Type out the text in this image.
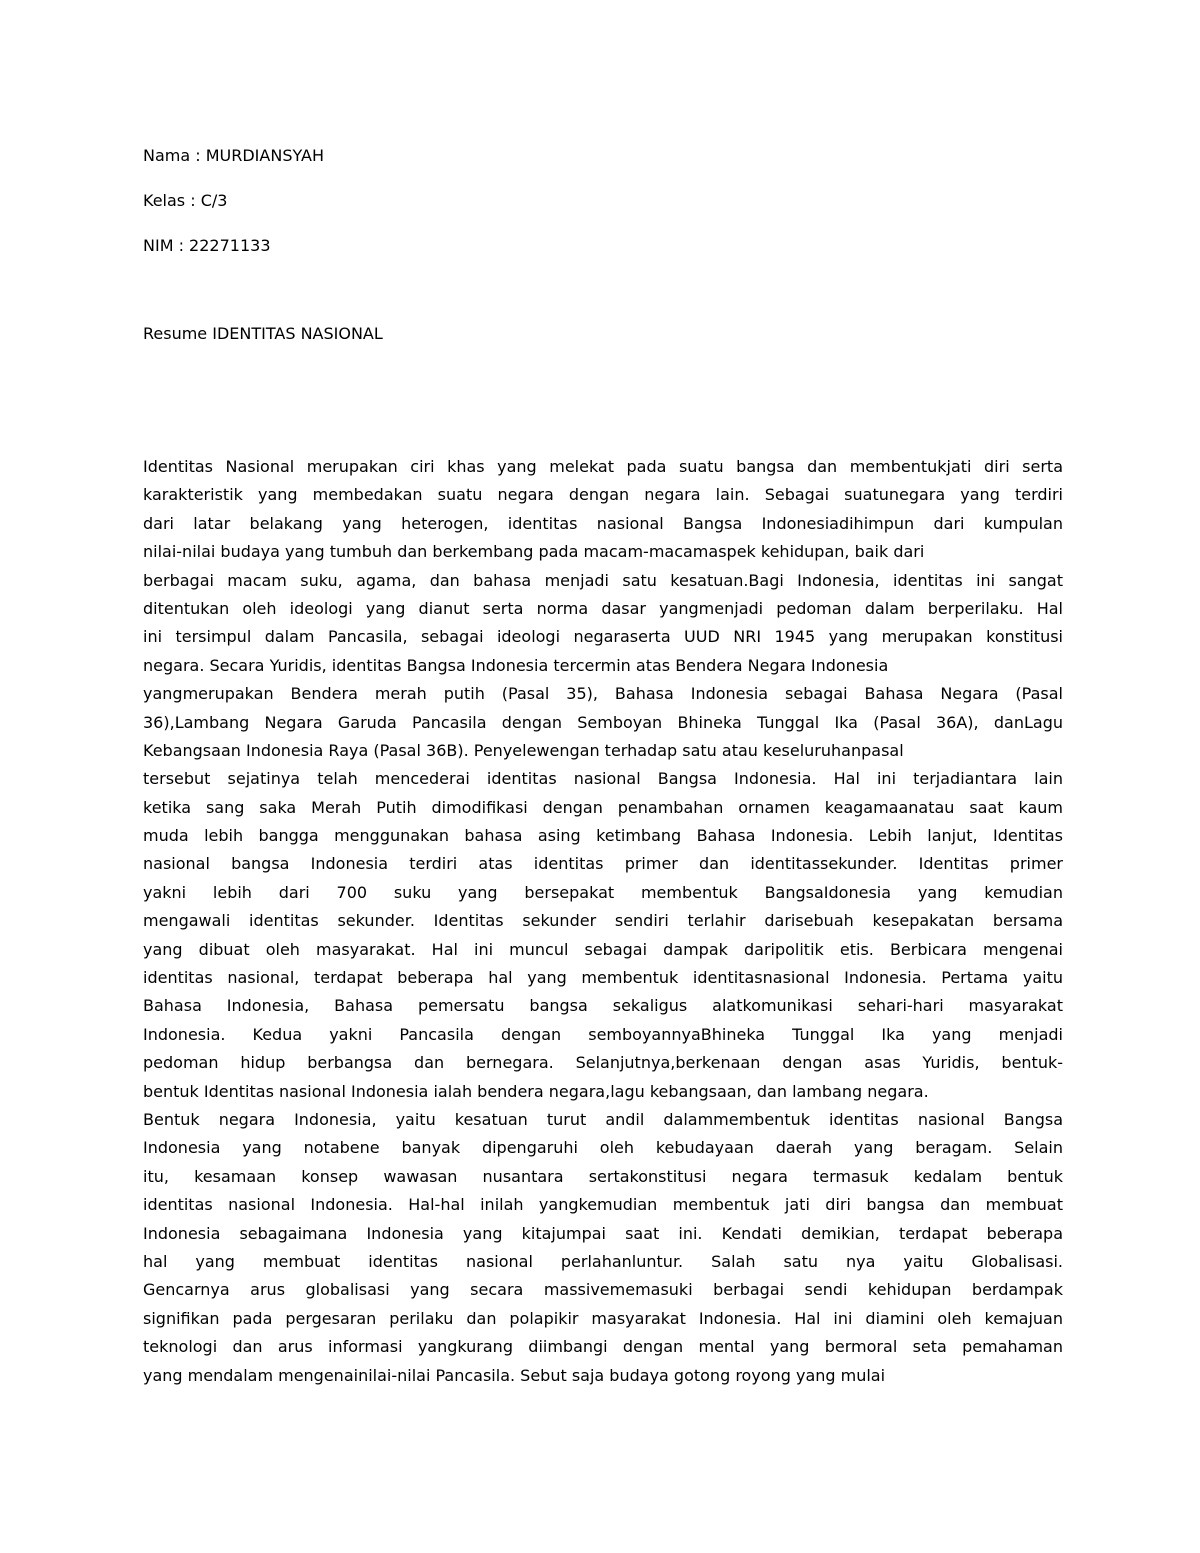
Nama : MURDIANSYAH

Kelas : C/3

NIM : 22271133

Resume IDENTITAS NASIONAL

Identitas Nasional merupakan ciri khas yang melekat pada suatu bangsa dan membentukjati diri serta
karakteristik yang membedakan suatu negara dengan negara lain. Sebagai suatunegara yang terdiri
dari latar belakang yang heterogen, identitas nasional Bangsa Indonesiadihimpun dari kumpulan
nilai-nilai budaya yang tumbuh dan berkembang pada macam-macamaspek kehidupan, baik dari
berbagai macam suku, agama, dan bahasa menjadi satu kesatuan.Bagi Indonesia, identitas ini sangat
ditentukan oleh ideologi yang dianut serta norma dasar yangmenjadi pedoman dalam berperilaku. Hal
ini tersimpul dalam Pancasila, sebagai ideologi negaraserta UUD NRI 1945 yang merupakan konstitusi
negara. Secara Yuridis, identitas Bangsa Indonesia tercermin atas Bendera Negara Indonesia
yangmerupakan Bendera merah putih (Pasal 35), Bahasa Indonesia sebagai Bahasa Negara (Pasal
36),Lambang Negara Garuda Pancasila dengan Semboyan Bhineka Tunggal Ika (Pasal 36A), danLagu
Kebangsaan Indonesia Raya (Pasal 36B). Penyelewengan terhadap satu atau keseluruhanpasal
tersebut sejatinya telah mencederai identitas nasional Bangsa Indonesia. Hal ini terjadiantara lain
ketika sang saka Merah Putih dimodifikasi dengan penambahan ornamen keagamaanatau saat kaum
muda lebih bangga menggunakan bahasa asing ketimbang Bahasa Indonesia. Lebih lanjut, Identitas
nasional bangsa Indonesia terdiri atas identitas primer dan identitassekunder. Identitas primer
yakni lebih dari 700 suku yang bersepakat membentuk BangsaIdonesia yang kemudian
mengawali identitas sekunder. Identitas sekunder sendiri terlahir darisebuah kesepakatan bersama
yang dibuat oleh masyarakat. Hal ini muncul sebagai dampak daripolitik etis. Berbicara mengenai
identitas nasional, terdapat beberapa hal yang membentuk identitasnasional Indonesia. Pertama yaitu
Bahasa Indonesia, Bahasa pemersatu bangsa sekaligus alatkomunikasi sehari-hari masyarakat
Indonesia. Kedua yakni Pancasila dengan semboyannyaBhineka Tunggal Ika yang menjadi
pedoman hidup berbangsa dan bernegara. Selanjutnya,berkenaan dengan asas Yuridis, bentuk-
bentuk Identitas nasional Indonesia ialah bendera negara,lagu kebangsaan, dan lambang negara.
Bentuk negara Indonesia, yaitu kesatuan turut andil dalammembentuk identitas nasional Bangsa
Indonesia yang notabene banyak dipengaruhi oleh kebudayaan daerah yang beragam. Selain
itu, kesamaan konsep wawasan nusantara sertakonstitusi negara termasuk kedalam bentuk
identitas nasional Indonesia. Hal-hal inilah yangkemudian membentuk jati diri bangsa dan membuat
Indonesia sebagaimana Indonesia yang kitajumpai saat ini. Kendati demikian, terdapat beberapa
hal yang membuat identitas nasional perlahanluntur. Salah satu nya yaitu Globalisasi.
Gencarnya arus globalisasi yang secara massivememasuki berbagai sendi kehidupan berdampak
signifikan pada pergesaran perilaku dan polapikir masyarakat Indonesia. Hal ini diamini oleh kemajuan
teknologi dan arus informasi yangkurang diimbangi dengan mental yang bermoral seta pemahaman
yang mendalam mengenainilai-nilai Pancasila. Sebut saja budaya gotong royong yang mulai
